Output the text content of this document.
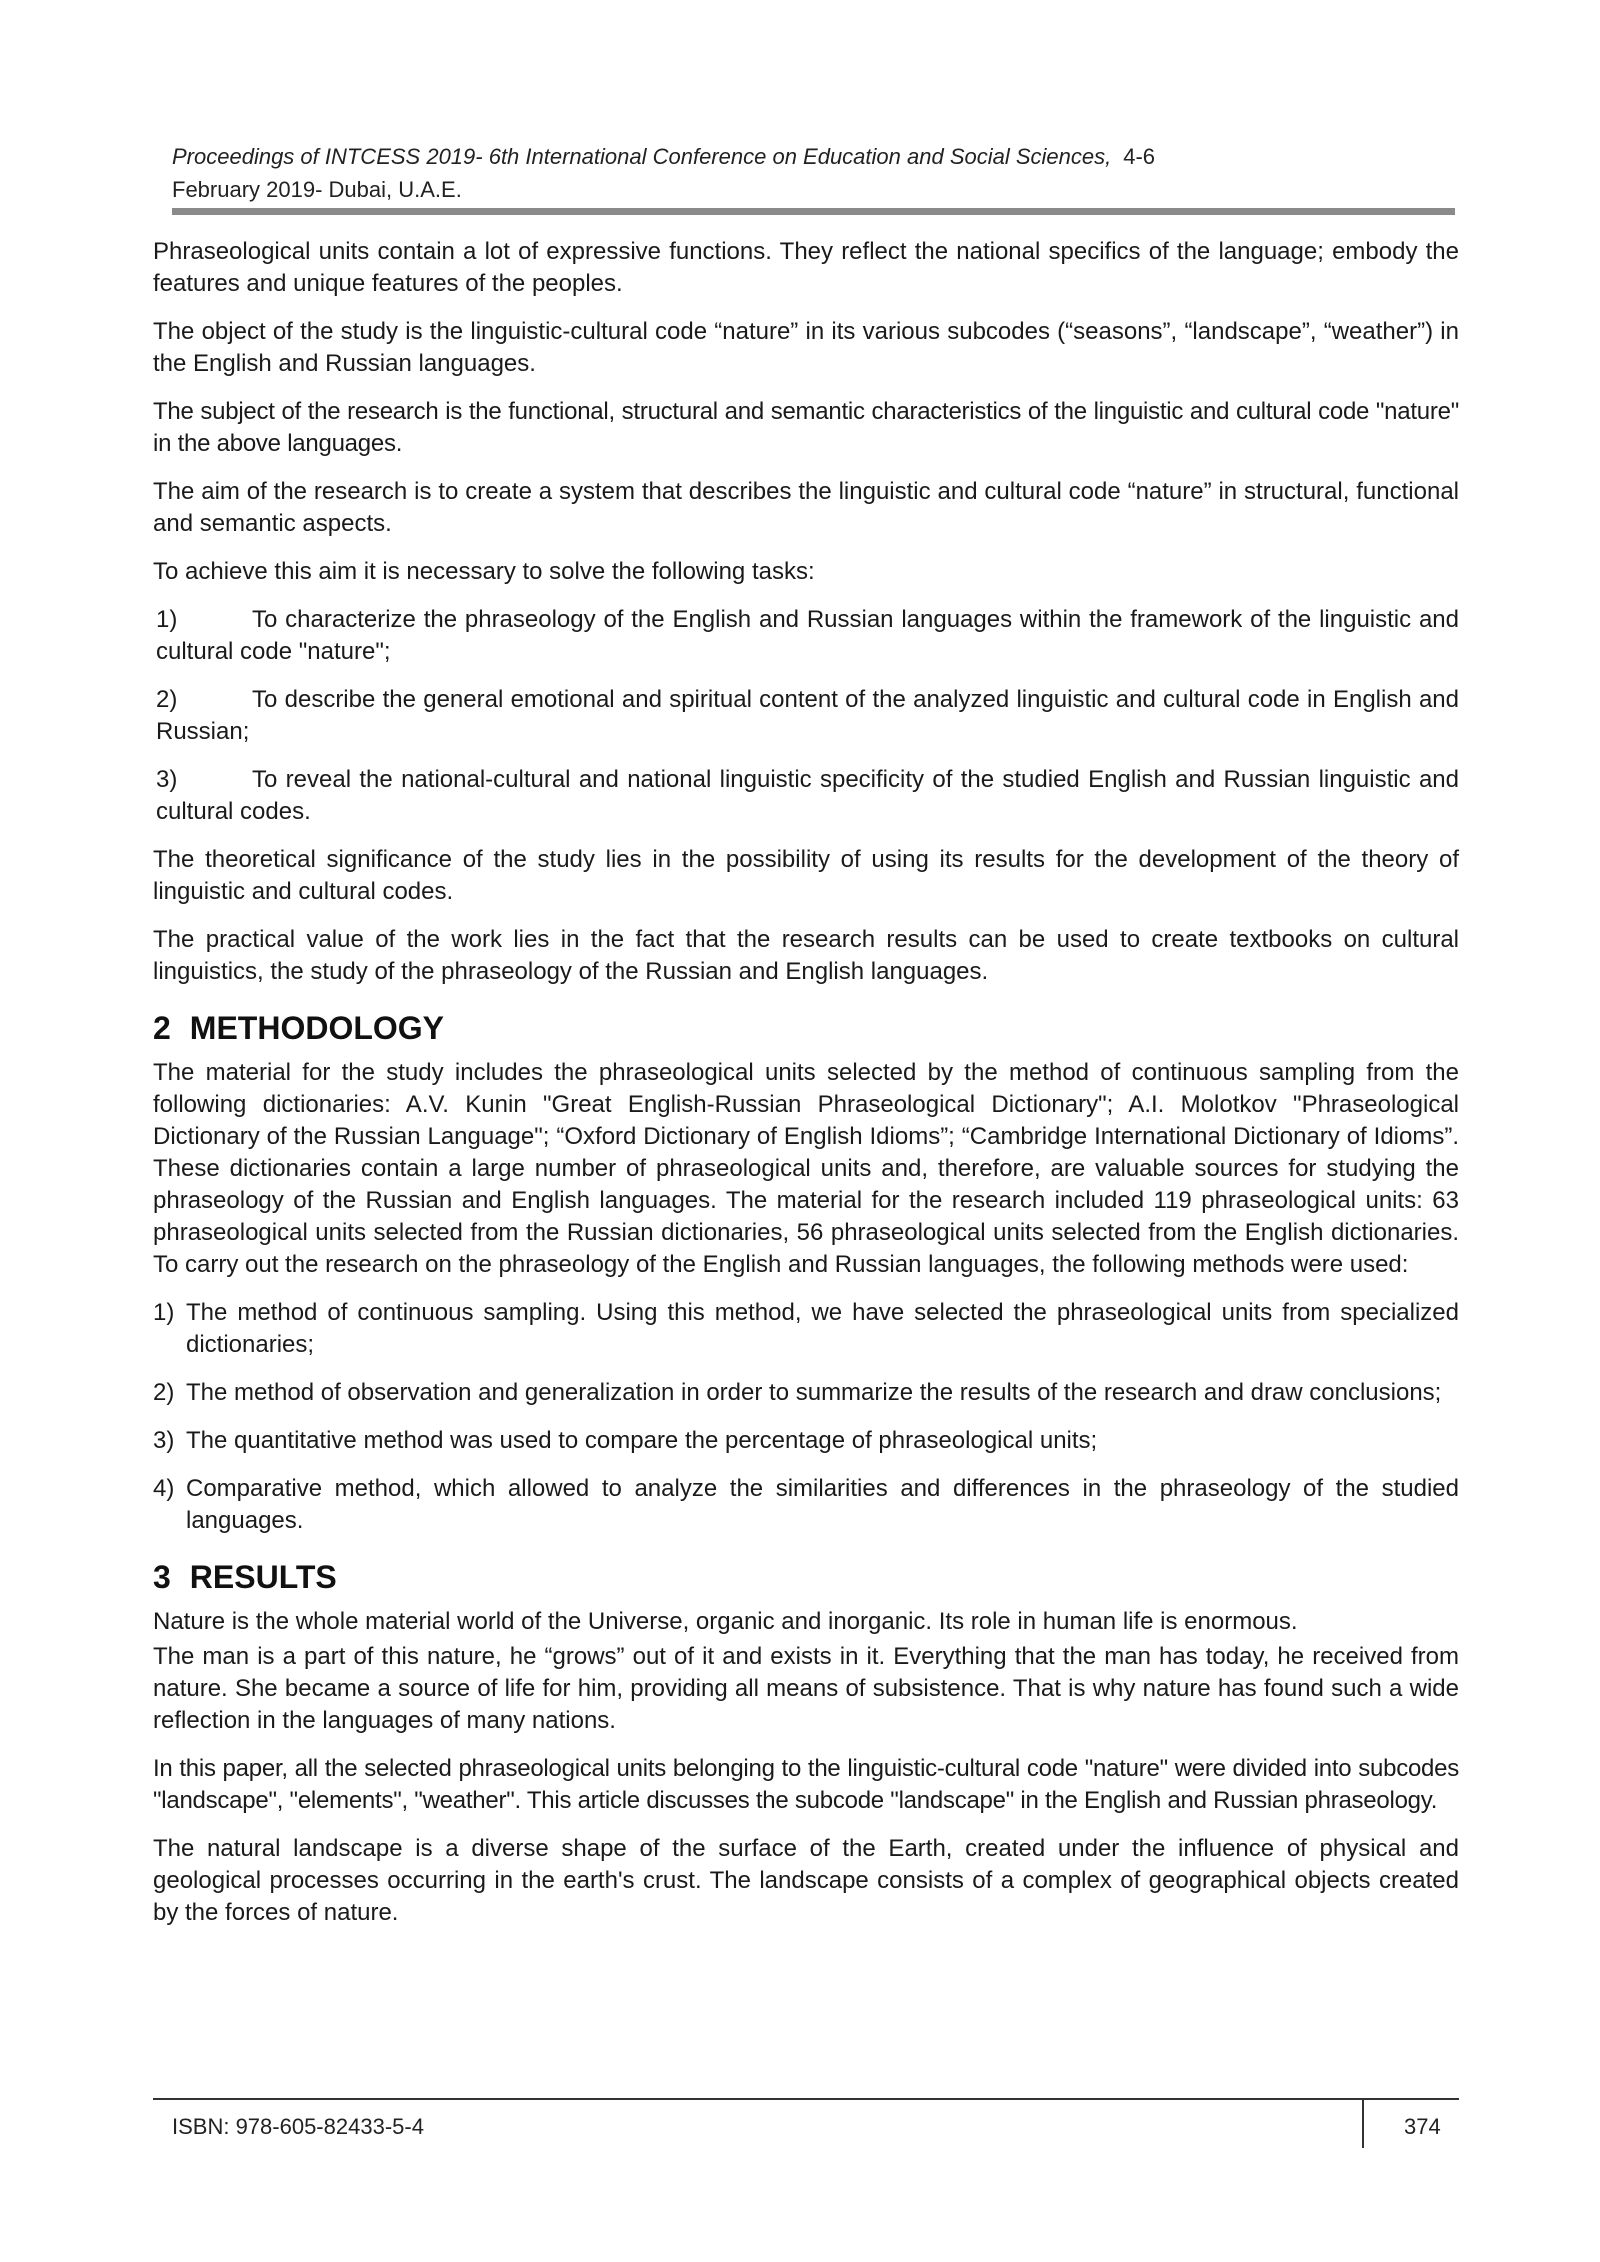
Proceedings of INTCESS 2019- 6th International Conference on Education and Social Sciences, 4-6
February 2019- Dubai, U.A.E.

Phraseological units contain a lot of expressive functions. They reflect the national specifics of the language; embody the features and unique features of the peoples.

The object of the study is the linguistic-cultural code “nature” in its various subcodes (“seasons”, “landscape”, “weather”) in the English and Russian languages.

The subject of the research is the functional, structural and semantic characteristics of the linguistic and cultural code "nature" in the above languages.

The aim of the research is to create a system that describes the linguistic and cultural code “nature” in structural, functional and semantic aspects.

To achieve this aim it is necessary to solve the following tasks:

1)	To characterize the phraseology of the English and Russian languages within the framework of the linguistic and cultural code "nature";

2)	To describe the general emotional and spiritual content of the analyzed linguistic and cultural code in English and Russian;

3)	To reveal the national-cultural and national linguistic specificity of the studied English and Russian linguistic and cultural codes.

The theoretical significance of the study lies in the possibility of using its results for the development of the theory of linguistic and cultural codes.

The practical value of the work lies in the fact that the research results can be used to create textbooks on cultural linguistics, the study of the phraseology of the Russian and English languages.

2 METHODOLOGY

The material for the study includes the phraseological units selected by the method of continuous sampling from the following dictionaries: A.V. Kunin "Great English-Russian Phraseological Dictionary"; A.I. Molotkov "Phraseological Dictionary of the Russian Language"; “Oxford Dictionary of English Idioms”; “Cambridge International Dictionary of Idioms”. These dictionaries contain a large number of phraseological units and, therefore, are valuable sources for studying the phraseology of the Russian and English languages. The material for the research included 119 phraseological units: 63 phraseological units selected from the Russian dictionaries, 56 phraseological units selected from the English dictionaries. To carry out the research on the phraseology of the English and Russian languages, the following methods were used:

1) The method of continuous sampling. Using this method, we have selected the phraseological units from specialized dictionaries;
2) The method of observation and generalization in order to summarize the results of the research and draw conclusions;
3) The quantitative method was used to compare the percentage of phraseological units;
4) Comparative method, which allowed to analyze the similarities and differences in the phraseology of the studied languages.
3 RESULTS

Nature is the whole material world of the Universe, organic and inorganic. Its role in human life is enormous.

The man is a part of this nature, he “grows” out of it and exists in it. Everything that the man has today, he received from nature. She became a source of life for him, providing all means of subsistence. That is why nature has found such a wide reflection in the languages of many nations.

In this paper, all the selected phraseological units belonging to the linguistic-cultural code "nature" were divided into subcodes "landscape", "elements", "weather". This article discusses the subcode "landscape" in the English and Russian phraseology.

The natural landscape is a diverse shape of the surface of the Earth, created under the influence of physical and geological processes occurring in the earth's crust. The landscape consists of a complex of geographical objects created by the forces of nature.

ISBN: 978-605-82433-5-4	374
